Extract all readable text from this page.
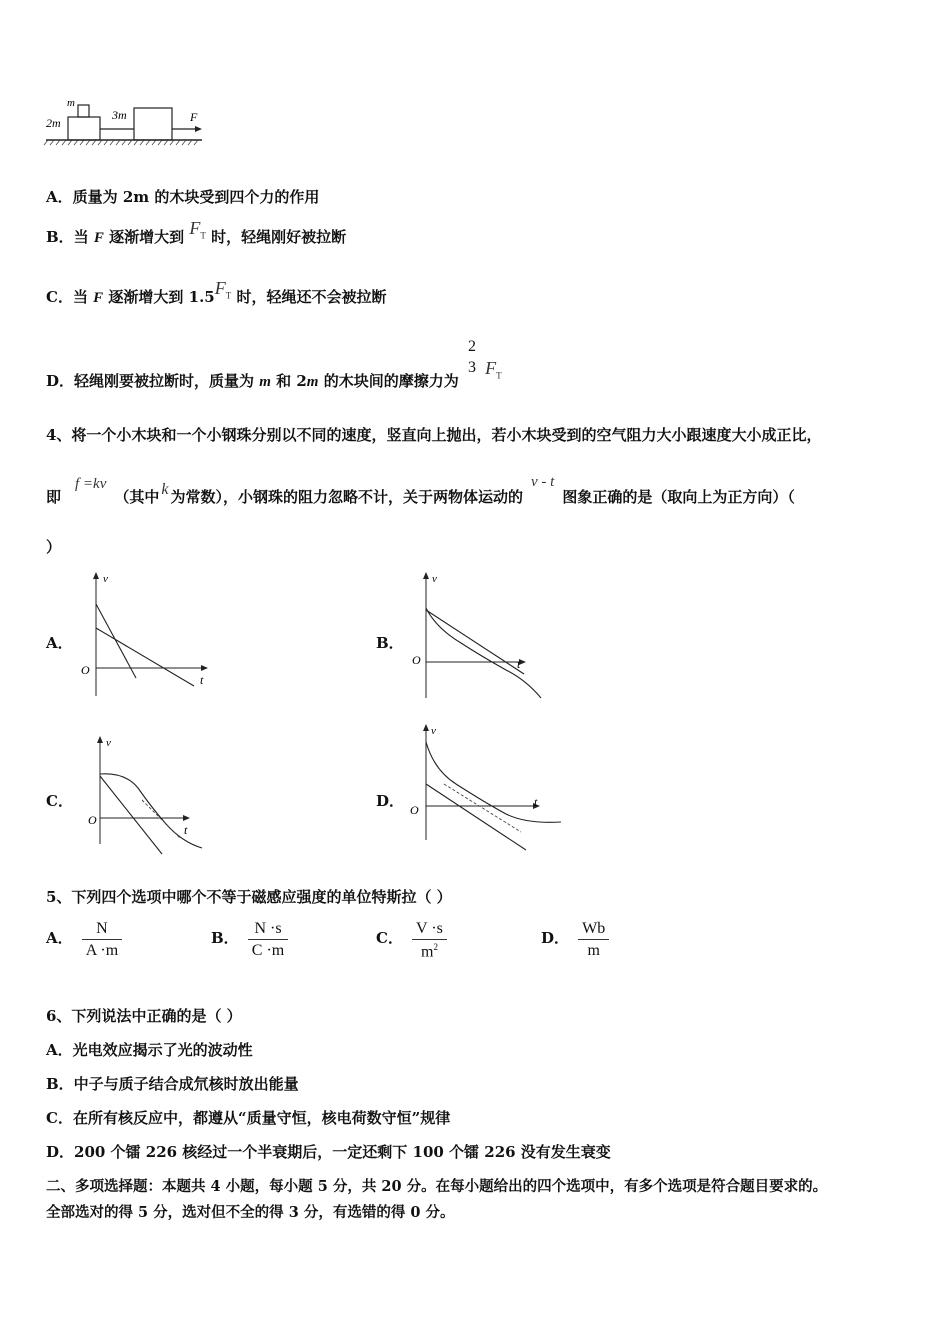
m
2m
3m	F
A．质量为 2m 的木块受到四个力的作用
B．当 F 逐渐增大到 $F_T$ 时，轻绳刚好被拉断
C．当 F 逐渐增大到 $1.5F_T$ 时，轻绳还不会被拉断
D．轻绳刚要被拉断时，质量为 m 和 2m 的木块间的摩擦力为
2
3 $F_T$
4、将一个小木块和一个小钢珠分别以不同的速度，竖直向上抛出，若小木块受到的空气阻力大小跟速度大小成正比，
即f =kv（其中 k 为常数），小钢珠的阻力忽略不计，关于两物体运动的v - t图象正确的是（取向上为正方向）（
）
A．
v
t
O
B．
v
t
O
C．
v
t
O
D．
v
t
O
5、下列四个选项中哪个不等于磁感应强度的单位特斯拉（ ）
A． $\frac{N}{A \cdot m}$	B． $\frac{N \cdot s}{C \cdot m}$	C． $\frac{V \cdot s}{m^2}$	D． $\frac{Wb}{m}$
6、下列说法中正确的是（ ）
A．光电效应揭示了光的波动性
B．中子与质子结合成氘核时放出能量
C．在所有核反应中，都遵从“质量守恒，核电荷数守恒”规律
D．200 个镭 226 核经过一个半衰期后，一定还剩下 100 个镭 226 没有发生衰变
二、多项选择题：本题共 4 小题，每小题 5 分，共 20 分。在每小题给出的四个选项中，有多个选项是符合题目要求的。
全部选对的得 5 分，选对但不全的得 3 分，有选错的得 0 分。
